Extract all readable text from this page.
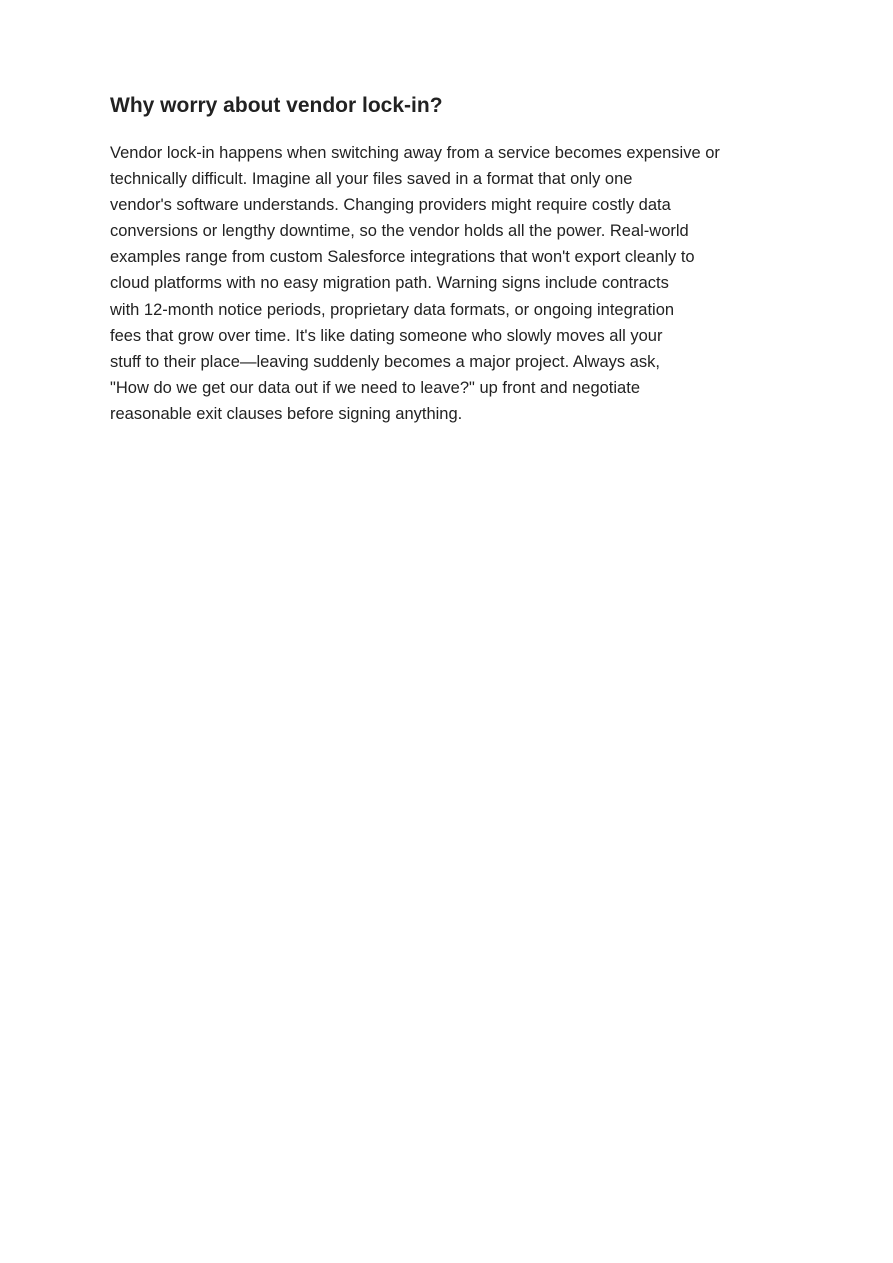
Why worry about vendor lock-in?

Vendor lock-in happens when switching away from a service becomes expensive or
technically difficult. Imagine all your files saved in a format that only one
vendor's software understands. Changing providers might require costly data
conversions or lengthy downtime, so the vendor holds all the power. Real-world
examples range from custom Salesforce integrations that won't export cleanly to
cloud platforms with no easy migration path. Warning signs include contracts
with 12-month notice periods, proprietary data formats, or ongoing integration
fees that grow over time. It's like dating someone who slowly moves all your
stuff to their place—leaving suddenly becomes a major project. Always ask,
"How do we get our data out if we need to leave?" up front and negotiate
reasonable exit clauses before signing anything.
